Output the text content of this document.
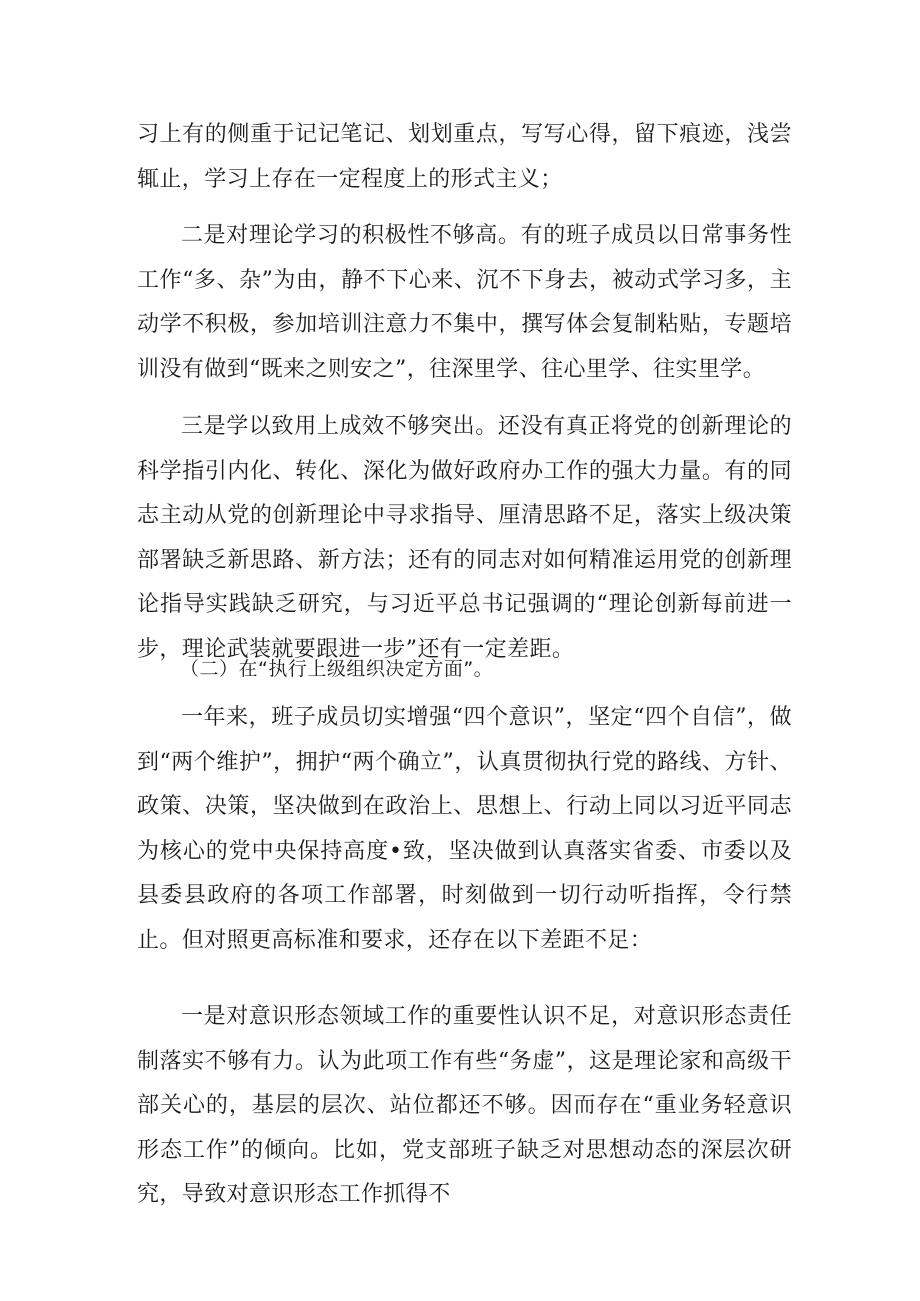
习上有的侧重于记记笔记、划划重点，写写心得，留下痕迹，浅尝辄止，学习上存在一定程度上的形式主义；

二是对理论学习的积极性不够高。有的班子成员以日常事务性工作“多、杂”为由，静不下心来、沉不下身去，被动式学习多，主动学不积极，参加培训注意力不集中，撰写体会复制粘贴，专题培训没有做到“既来之则安之”，往深里学、往心里学、往实里学。

三是学以致用上成效不够突出。还没有真正将党的创新理论的科学指引内化、转化、深化为做好政府办工作的强大力量。有的同志主动从党的创新理论中寻求指导、厘清思路不足，落实上级决策部署缺乏新思路、新方法；还有的同志对如何精准运用党的创新理论指导实践缺乏研究，与习近平总书记强调的“理论创新每前进一步，理论武装就要跟进一步”还有一定差距。

（二）在“执行上级组织决定方面”。

一年来，班子成员切实增强“四个意识”，坚定“四个自信”，做到“两个维护”，拥护“两个确立”，认真贯彻执行党的路线、方针、政策、决策，坚决做到在政治上、思想上、行动上同以习近平同志为核心的党中央保持高度•致，坚决做到认真落实省委、市委以及县委县政府的各项工作部署，时刻做到一切行动听指挥，令行禁止。但对照更高标准和要求，还存在以下差距不足：

一是对意识形态领域工作的重要性认识不足，对意识形态责任制落实不够有力。认为此项工作有些“务虚”，这是理论家和高级干部关心的，基层的层次、站位都还不够。因而存在“重业务轻意识形态工作”的倾向。比如，党支部班子缺乏对思想动态的深层次研究，导致对意识形态工作抓得不
